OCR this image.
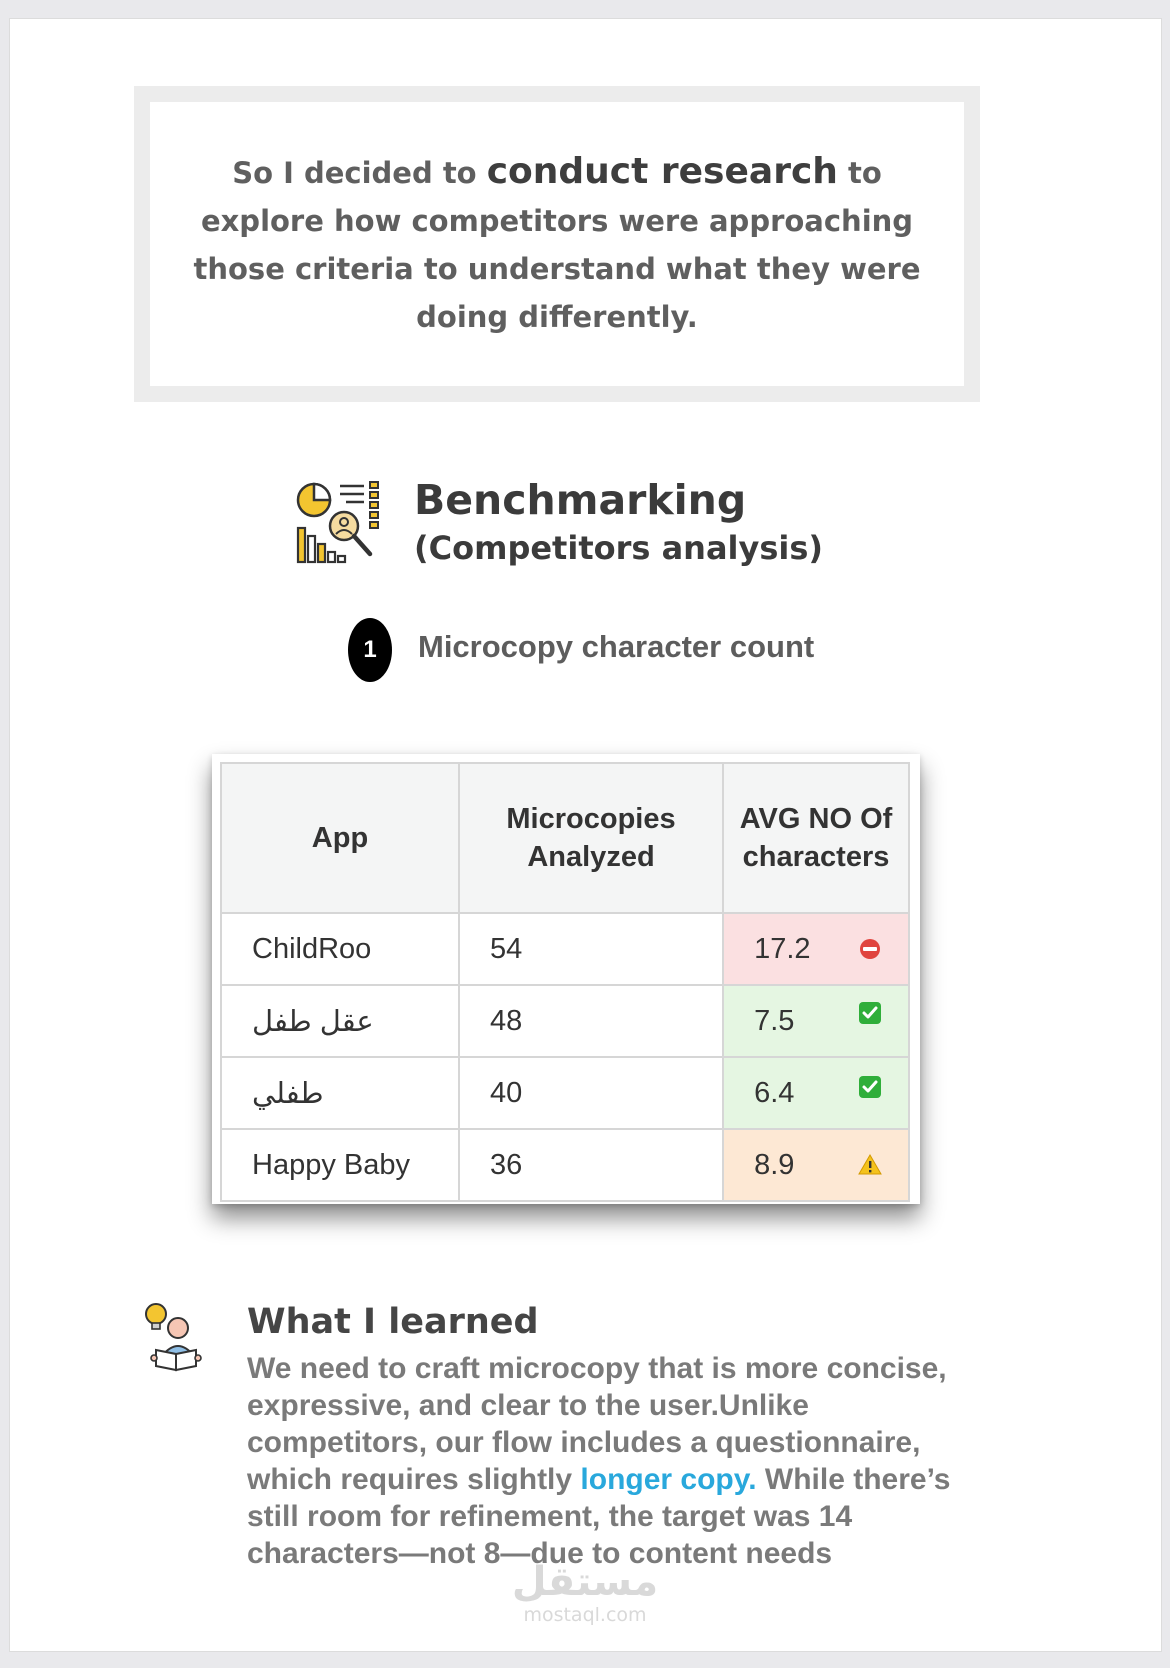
So I decided to conduct research to explore how competitors were approaching those criteria to understand what they were doing differently.
Benchmarking
(Competitors analysis)
1	Microcopy character count
App	Microcopies Analyzed	AVG NO Of characters
ChildRoo	54	17.2

عقل طفل	48	7.5

طفلي	40	6.4

Happy Baby	36	8.9
What I learned
We need to craft microcopy that is more concise, expressive, and clear to the user.Unlike competitors, our flow includes a questionnaire, which requires slightly longer copy. While there’s still room for refinement, the target was 14 characters—not 8—due to content needs
مستقل
mostaql.com
